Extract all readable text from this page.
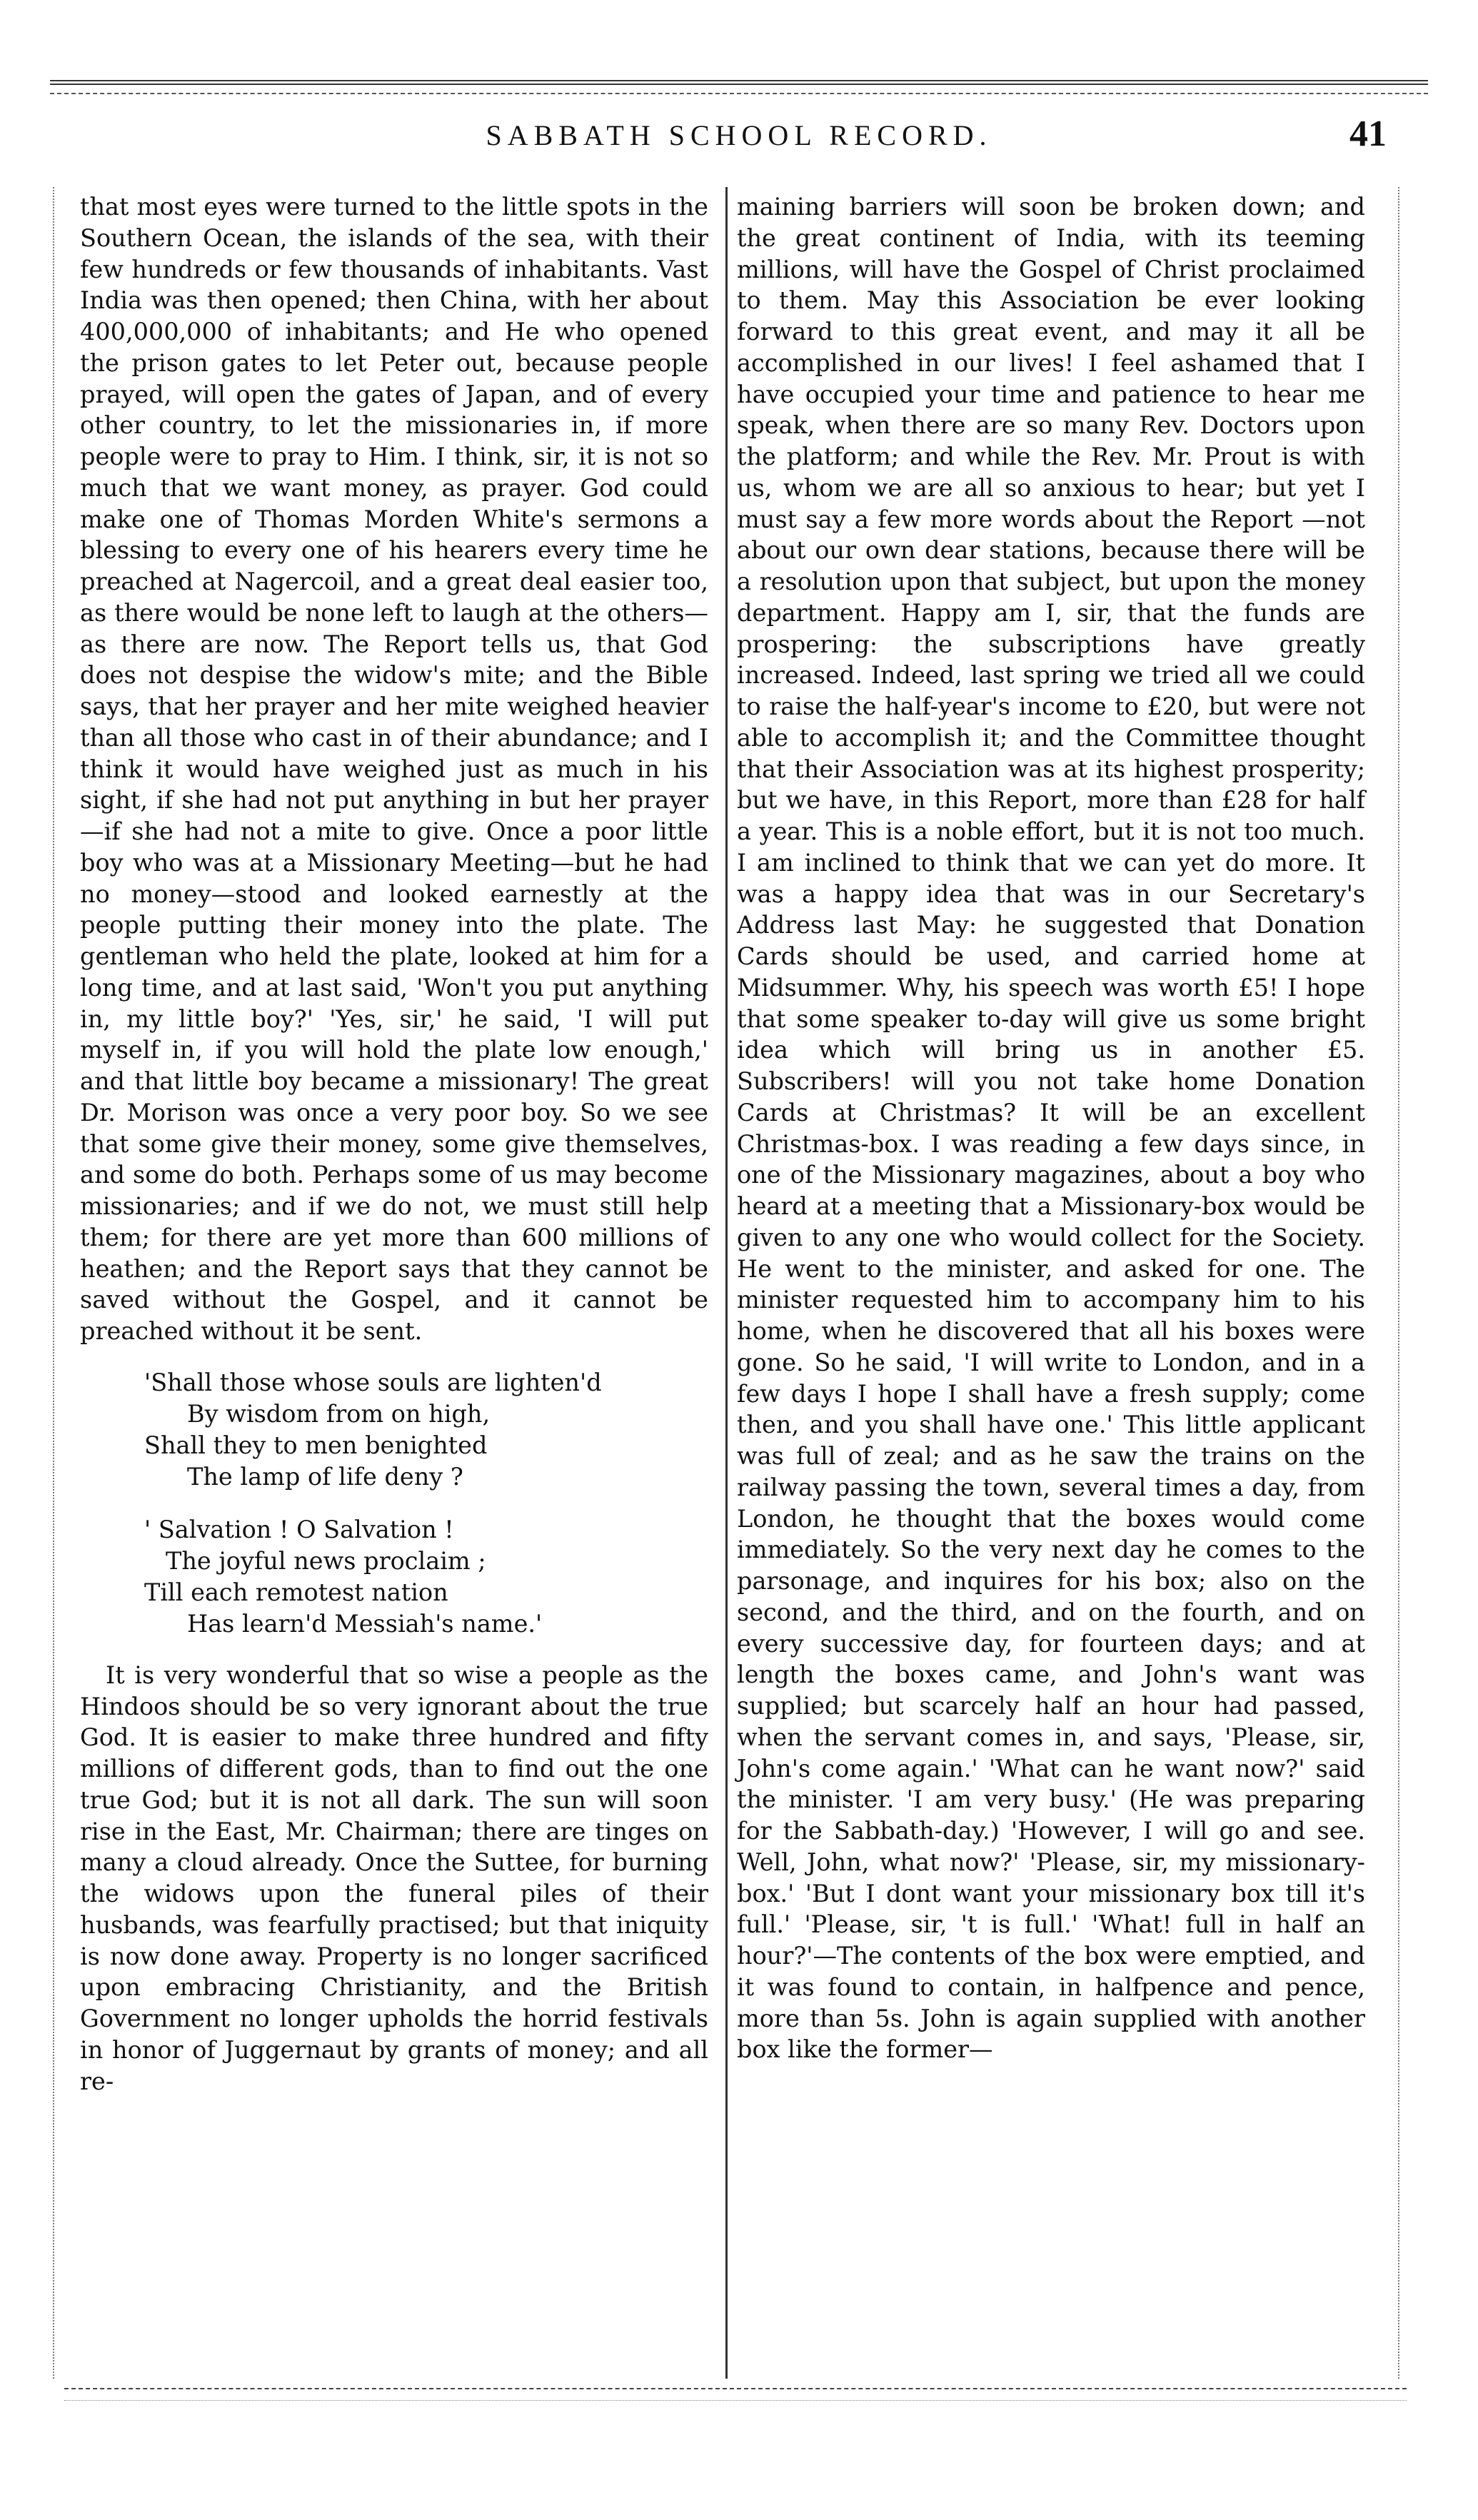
SABBATH SCHOOL RECORD.	41

that most eyes were turned to the little spots in the Southern Ocean, the islands of the sea, with their few hundreds or few thousands of inhabitants. Vast India was then opened; then China, with her about 400,000,000 of inhabitants; and He who opened the prison gates to let Peter out, because people prayed, will open the gates of Japan, and of every other country, to let the missionaries in, if more people were to pray to Him. I think, sir, it is not so much that we want money, as prayer. God could make one of Thomas Morden White's sermons a blessing to every one of his hearers every time he preached at Nagercoil, and a great deal easier too, as there would be none left to laugh at the others—as there are now. The Report tells us, that God does not despise the widow's mite; and the Bible says, that her prayer and her mite weighed heavier than all those who cast in of their abundance; and I think it would have weighed just as much in his sight, if she had not put anything in but her prayer—if she had not a mite to give. Once a poor little boy who was at a Missionary Meeting—but he had no money—stood and looked earnestly at the people putting their money into the plate. The gentleman who held the plate, looked at him for a long time, and at last said, 'Won't you put anything in, my little boy?' 'Yes, sir,' he said, 'I will put myself in, if you will hold the plate low enough,' and that little boy became a missionary! The great Dr. Morison was once a very poor boy. So we see that some give their money, some give themselves, and some do both. Perhaps some of us may become missionaries; and if we do not, we must still help them; for there are yet more than 600 millions of heathen; and the Report says that they cannot be saved without the Gospel, and it cannot be preached without it be sent.

'Shall those whose souls are lighten'd
By wisdom from on high,
Shall they to men benighted
The lamp of life deny ?
' Salvation ! O Salvation !
The joyful news proclaim ;
Till each remotest nation
Has learn'd Messiah's name.'

It is very wonderful that so wise a people as the Hindoos should be so very ignorant about the true God. It is easier to make three hundred and fifty millions of different gods, than to find out the one true God; but it is not all dark. The sun will soon rise in the East, Mr. Chairman; there are tinges on many a cloud already. Once the Suttee, for burning the widows upon the funeral piles of their husbands, was fearfully practised; but that iniquity is now done away. Property is no longer sacrificed upon embracing Christianity, and the British Government no longer upholds the horrid festivals in honor of Juggernaut by grants of money; and all re-

maining barriers will soon be broken down; and the great continent of India, with its teeming millions, will have the Gospel of Christ proclaimed to them. May this Association be ever looking forward to this great event, and may it all be accomplished in our lives! I feel ashamed that I have occupied your time and patience to hear me speak, when there are so many Rev. Doctors upon the platform; and while the Rev. Mr. Prout is with us, whom we are all so anxious to hear; but yet I must say a few more words about the Report —not about our own dear stations, because there will be a resolution upon that subject, but upon the money department. Happy am I, sir, that the funds are prospering: the subscriptions have greatly increased. Indeed, last spring we tried all we could to raise the half-year's income to £20, but were not able to accomplish it; and the Committee thought that their Association was at its highest prosperity; but we have, in this Report, more than £28 for half a year. This is a noble effort, but it is not too much. I am inclined to think that we can yet do more. It was a happy idea that was in our Secretary's Address last May: he suggested that Donation Cards should be used, and carried home at Midsummer. Why, his speech was worth £5! I hope that some speaker to-day will give us some bright idea which will bring us in another £5. Subscribers! will you not take home Donation Cards at Christmas? It will be an excellent Christmas-box. I was reading a few days since, in one of the Missionary magazines, about a boy who heard at a meeting that a Missionary-box would be given to any one who would collect for the Society. He went to the minister, and asked for one. The minister requested him to accompany him to his home, when he discovered that all his boxes were gone. So he said, 'I will write to London, and in a few days I hope I shall have a fresh supply; come then, and you shall have one.' This little applicant was full of zeal; and as he saw the trains on the railway passing the town, several times a day, from London, he thought that the boxes would come immediately. So the very next day he comes to the parsonage, and inquires for his box; also on the second, and the third, and on the fourth, and on every successive day, for fourteen days; and at length the boxes came, and John's want was supplied; but scarcely half an hour had passed, when the servant comes in, and says, 'Please, sir, John's come again.' 'What can he want now?' said the minister. 'I am very busy.' (He was preparing for the Sabbath-day.) 'However, I will go and see. Well, John, what now?' 'Please, sir, my missionary-box.' 'But I dont want your missionary box till it's full.' 'Please, sir, 't is full.' 'What! full in half an hour?'—The contents of the box were emptied, and it was found to contain, in halfpence and pence, more than 5s. John is again supplied with another box like the former—
